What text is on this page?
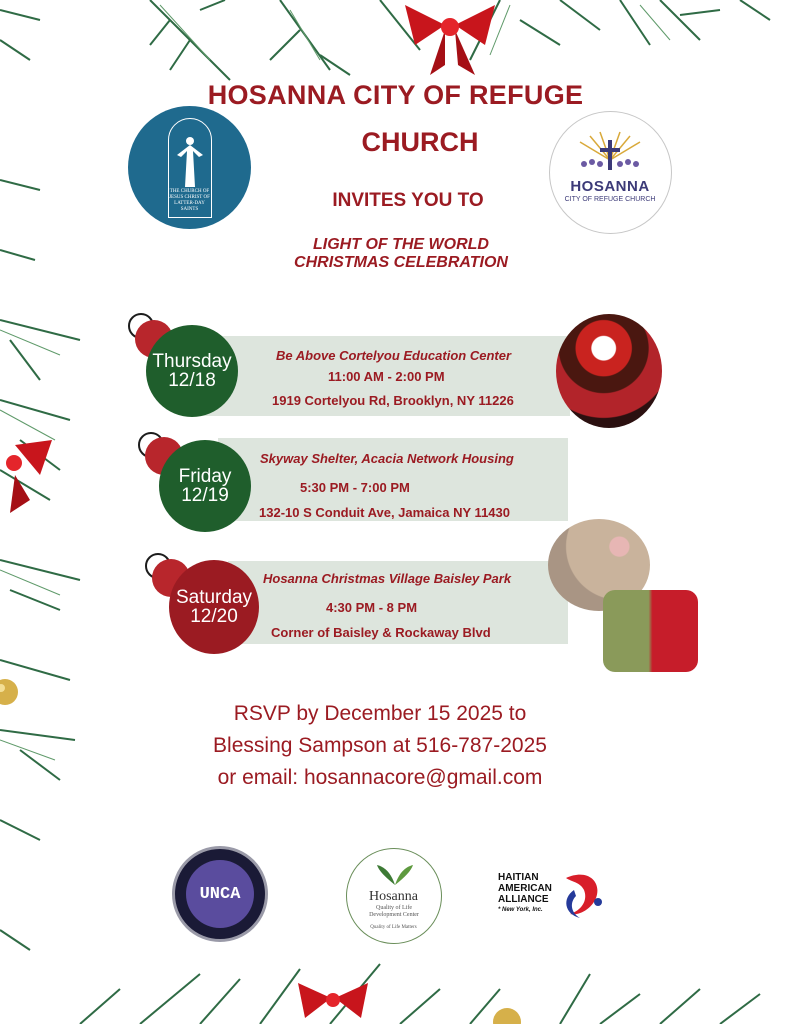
HOSANNA CITY OF REFUGE
CHURCH
INVITES YOU TO
LIGHT OF THE WORLD
CHRISTMAS CELEBRATION
THE CHURCH OF JESUS CHRIST OF LATTER-DAY SAINTS
HOSANNA
CITY OF REFUGE CHURCH
Thursday
12/18
Be Above Cortelyou Education Center
11:00 AM - 2:00 PM
1919 Cortelyou Rd, Brooklyn, NY 11226
Friday
12/19
Skyway Shelter, Acacia Network Housing
5:30 PM - 7:00 PM
132-10 S Conduit Ave, Jamaica NY 11430
Saturday
12/20
Hosanna Christmas Village Baisley Park
4:30 PM - 8 PM
Corner of Baisley & Rockaway Blvd
RSVP by December 15 2025 to
Blessing Sampson at 516-787-2025
or email: hosannacore@gmail.com
UNCA	Hosanna
Quality of Life Development Center
Quality of Life Matters
HAITIAN
AMERICAN
ALLIANCE
* New York, Inc.
